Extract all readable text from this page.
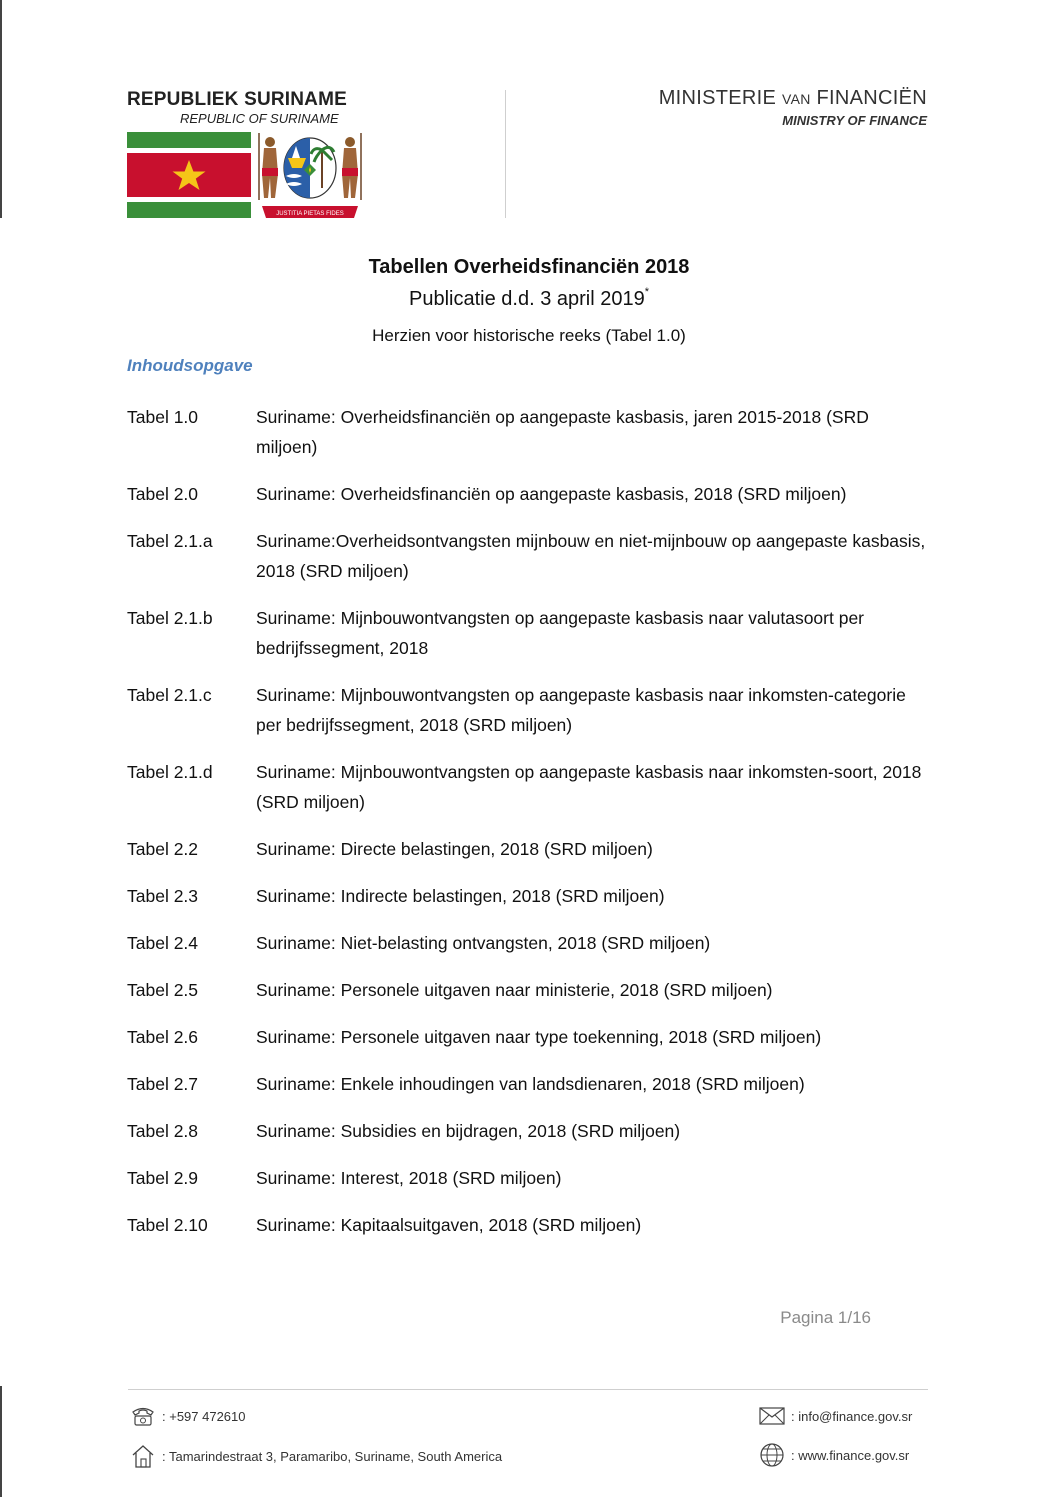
REPUBLIEK SURINAME
REPUBLIC OF SURINAME
JUSTITIA PIETAS FIDES
MINISTERIE VAN FINANCIËN
MINISTRY OF FINANCE
Tabellen Overheidsfinanciën 2018
Publicatie d.d. 3 april 2019*
Herzien voor historische reeks (Tabel 1.0)
Inhoudsopgave
Tabel 1.0	Suriname: Overheidsfinanciën op aangepaste kasbasis, jaren 2015-2018 (SRD miljoen)
Tabel 2.0	Suriname: Overheidsfinanciën op aangepaste kasbasis, 2018 (SRD miljoen)
Tabel 2.1.a	Suriname:Overheidsontvangsten mijnbouw en niet-mijnbouw op aangepaste kasbasis, 2018 (SRD miljoen)
Tabel 2.1.b	Suriname: Mijnbouwontvangsten op aangepaste kasbasis naar valutasoort per bedrijfssegment, 2018
Tabel 2.1.c	Suriname: Mijnbouwontvangsten op aangepaste kasbasis naar inkomsten-categorie per bedrijfssegment, 2018 (SRD miljoen)
Tabel 2.1.d	Suriname: Mijnbouwontvangsten op aangepaste kasbasis naar inkomsten-soort, 2018 (SRD miljoen)
Tabel 2.2	Suriname: Directe belastingen, 2018 (SRD miljoen)
Tabel 2.3	Suriname: Indirecte belastingen, 2018 (SRD miljoen)
Tabel 2.4	Suriname: Niet-belasting ontvangsten, 2018 (SRD miljoen)
Tabel 2.5	Suriname: Personele uitgaven naar ministerie, 2018 (SRD miljoen)
Tabel 2.6	Suriname: Personele uitgaven naar type toekenning, 2018 (SRD miljoen)
Tabel 2.7	Suriname: Enkele inhoudingen van landsdienaren, 2018 (SRD miljoen)
Tabel 2.8	Suriname: Subsidies en bijdragen, 2018 (SRD miljoen)
Tabel 2.9	Suriname: Interest, 2018 (SRD miljoen)
Tabel 2.10	Suriname: Kapitaalsuitgaven, 2018 (SRD miljoen)
Pagina 1/16
: +597 472610
: Tamarindestraat 3, Paramaribo, Suriname, South America
: info@finance.gov.sr
: www.finance.gov.sr
